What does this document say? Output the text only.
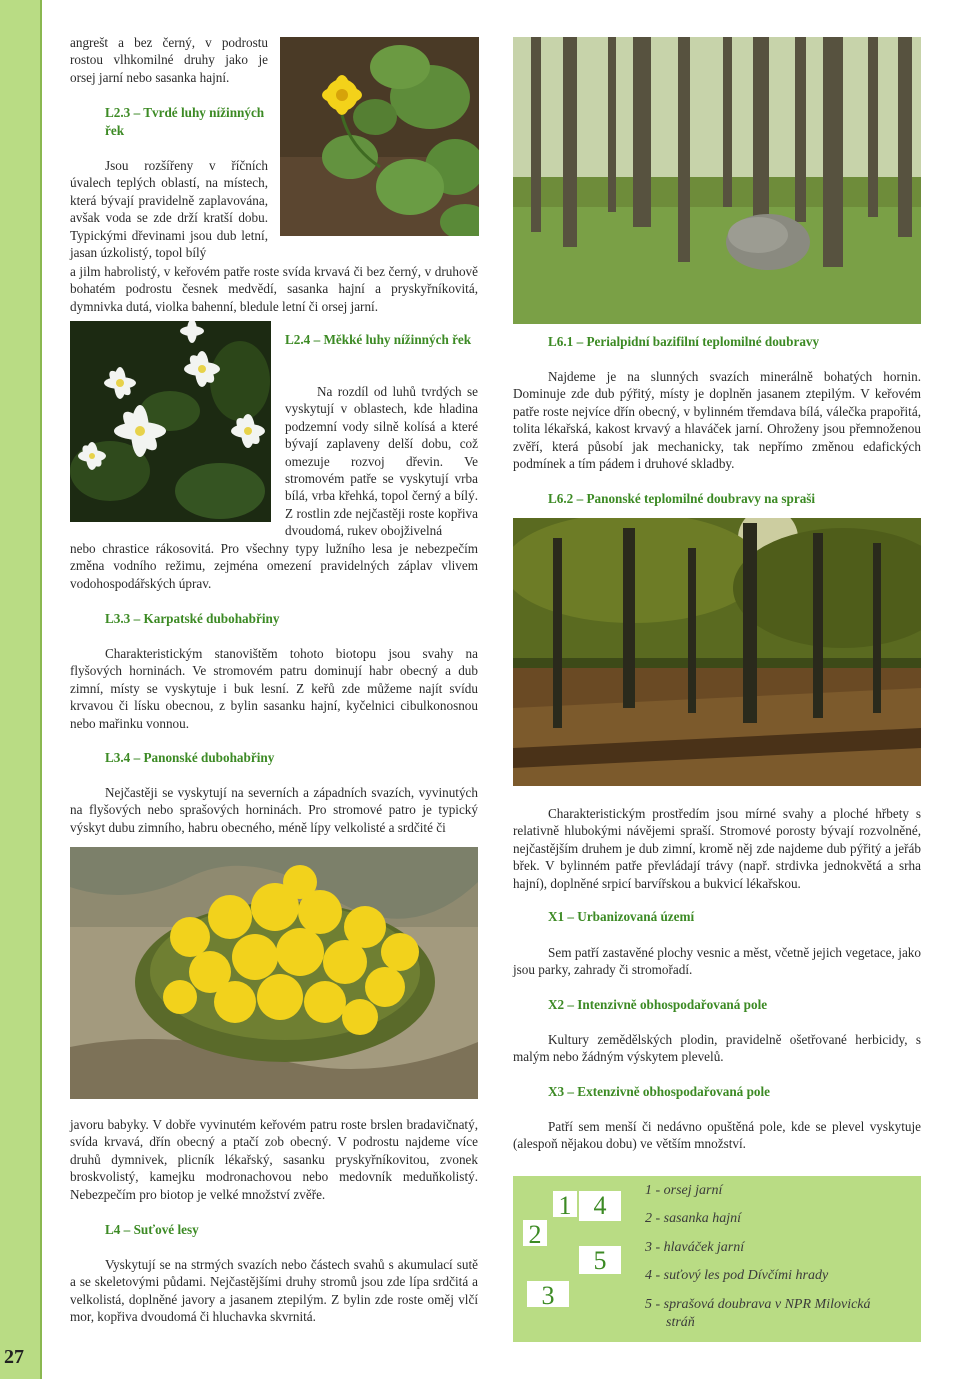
27

angrešt a bez černý, v podrostu rostou vlhkomilné druhy jako je orsej jarní nebo sasanka hajní.

L2.3 – Tvrdé luhy nížinných řek

Jsou rozšířeny v říčních úvalech teplých oblastí, na místech, která bývají pravidelně zaplavována, avšak voda se zde drží kratší dobu. Typickými dřevinami jsou dub letní, jasan úzkolistý, topol bílý

a jilm habrolistý, v keřovém patře roste svída krvavá či bez černý, v druhově bohatém podrostu česnek medvědí, sasanka hajní a pryskyřníkovitá, dymnivka dutá, violka bahenní, bledule letní či orsej jarní.

L2.4 – Měkké luhy nížinných řek

Na rozdíl od luhů tvrdých se vyskytují v oblastech, kde hladina podzemní vody silně kolísá a které bývají zaplaveny delší dobu, což omezuje rozvoj dřevin. Ve stromovém patře se vyskytují vrba bílá, vrba křehká, topol černý a bílý. Z rostlin zde nejčastěji roste kopřiva dvoudomá, rukev obojživelná

nebo chrastice rákosovitá. Pro všechny typy lužního lesa je nebezpečím změna vodního režimu, zejména omezení pravidelných záplav vlivem vodohospodářských úprav.

L3.3 – Karpatské dubohabřiny

Charakteristickým stanovištěm tohoto biotopu jsou svahy na flyšových horninách. Ve stromovém patru dominují habr obecný a dub zimní, místy se vyskytuje i buk lesní. Z keřů zde můžeme najít svídu krvavou či lísku obecnou, z bylin sasanku hajní, kyčelnici cibulkonosnou nebo mařinku vonnou.

L3.4 – Panonské dubohabřiny

Nejčastěji se vyskytují na severních a západních svazích, vyvinutých na flyšových nebo sprašových horninách. Pro stromové patro je typický výskyt dubu zimního, habru obecného, méně lípy velkolisté a srdčité či

javoru babyky. V dobře vyvinutém keřovém patru roste brslen bradavičnatý, svída krvavá, dřín obecný a ptačí zob obecný. V podrostu najdeme více druhů dymnivek, plicník lékařský, sasanku pryskyřníkovitou, zvonek broskvolistý, kamejku modronachovou nebo medovník meduňkolistý. Nebezpečím pro biotop je velké množství zvěře.

L4 – Suťové lesy

Vyskytují se na strmých svazích nebo částech svahů s akumulací sutě a se skeletovými půdami. Nejčastějšími druhy stromů jsou zde lípa srdčitá a velkolistá, doplněné javory a jasanem ztepilým. Z bylin zde roste oměj vlčí mor, kopřiva dvoudomá či hluchavka skvrnitá.

L6.1 – Perialpidní bazifilní teplomilné doubravy

Najdeme je na slunných svazích minerálně bohatých hornin. Dominuje zde dub pýřitý, místy je doplněn jasanem ztepilým. V keřovém patře roste nejvíce dřín obecný, v bylinném třemdava bílá, válečka prapořitá, tolita lékařská, kakost krvavý a hlaváček jarní. Ohroženy jsou přemnoženou zvěří, která působí jak mechanicky, tak nepřímo změnou edafických podmínek a tím pádem i druhové skladby.

L6.2 – Panonské teplomilné doubravy na spraši

Charakteristickým prostředím jsou mírné svahy a ploché hřbety s relativně hlubokými návějemi spraší. Stromové porosty bývají rozvolněné, nejčastějším druhem je dub zimní, kromě něj zde najdeme dub pýřitý a jeřáb břek. V bylinném patře převládají trávy (např. strdivka jednokvětá a srha hajní), doplněné srpicí barvířskou a bukvicí lékařskou.

X1 – Urbanizovaná území

Sem patří zastavěné plochy vesnic a měst, včetně jejich vegetace, jako jsou parky, zahrady či stromořadí.

X2 – Intenzivně obhospodařovaná pole

Kultury zemědělských plodin, pravidelně ošetřované herbicidy, s malým nebo žádným výskytem plevelů.

X3 – Extenzivně obhospodařovaná pole

Patří sem menší či nedávno opuštěná pole, kde se plevel vyskytuje (alespoň nějakou dobu) ve větším množství.

1
2
3
4
5

1 - orsej jarní

2 - sasanka hajní

3 - hlaváček jarní

4 - suťový les pod Dívčími hrady

5 - sprašová doubrava v NPR Milovická

stráň
